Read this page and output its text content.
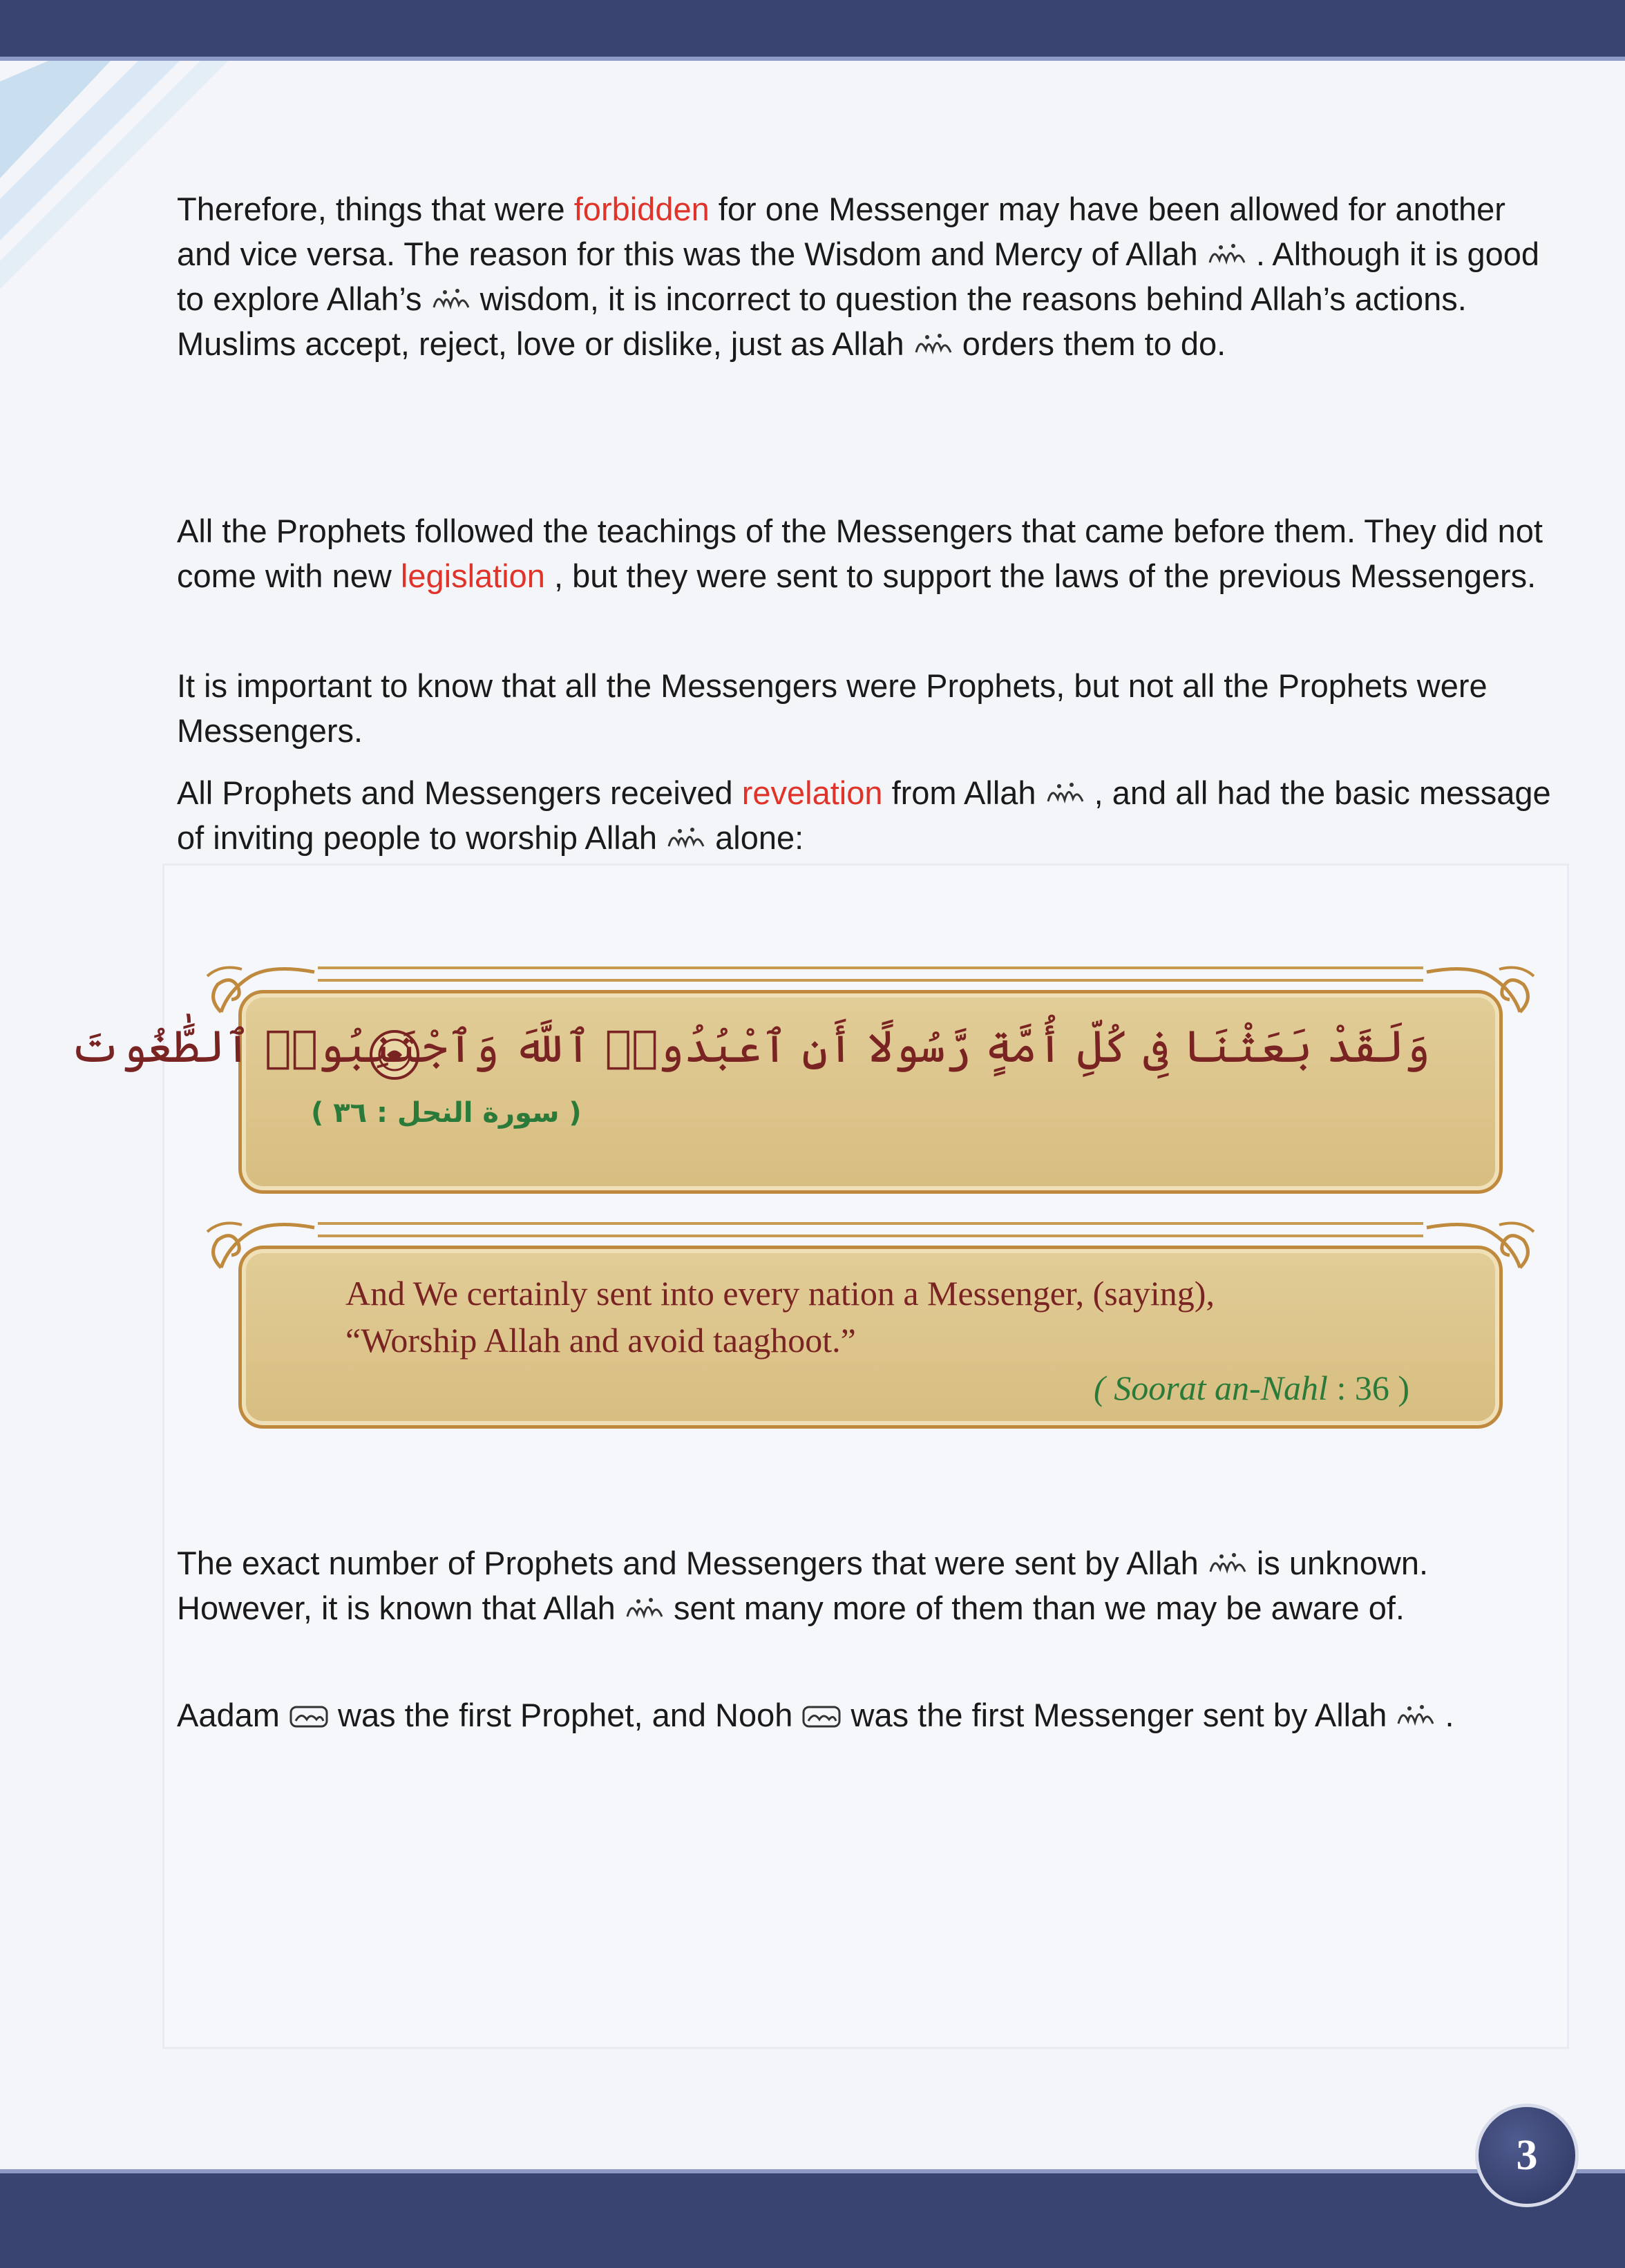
Therefore, things that were forbidden for one Messenger may have been allowed for another and vice versa. The reason for this was the Wisdom and Mercy of Allah  . Although it is good to explore Allah’s  wisdom, it is incorrect to question the reasons behind Allah’s actions. Muslims accept, reject, love or dislike, just as Allah  orders them to do.

All the Prophets followed the teachings of the Messengers that came before them. They did not come with new legislation , but they were sent to support the laws of the previous Messengers.

It is important to know that all the Messengers were Prophets, but not all the Prophets were Messengers.

All Prophets and Messengers received revelation from Allah  , and all had the basic message of inviting people to worship Allah  alone:

وَلَقَدْ بَعَثْنَا فِى كُلِّ أُمَّةٍ رَّسُولًا أَنِ ٱعْبُدُوا۟ ٱللَّهَ وَٱجْتَنِبُوا۟ ٱلطَّٰغُوتَ
( سورة النحل : ٣٦ )

And We certainly sent into every nation a Messenger, (saying),
“Worship Allah and avoid taaghoot.”

( Soorat an-Nahl : 36 )

The exact number of Prophets and Messengers that were sent by Allah  is unknown. However, it is known that Allah  sent many more of them than we may be aware of.

Aadam  was the first Prophet, and Nooh  was the first Messenger sent by Allah  .

3
